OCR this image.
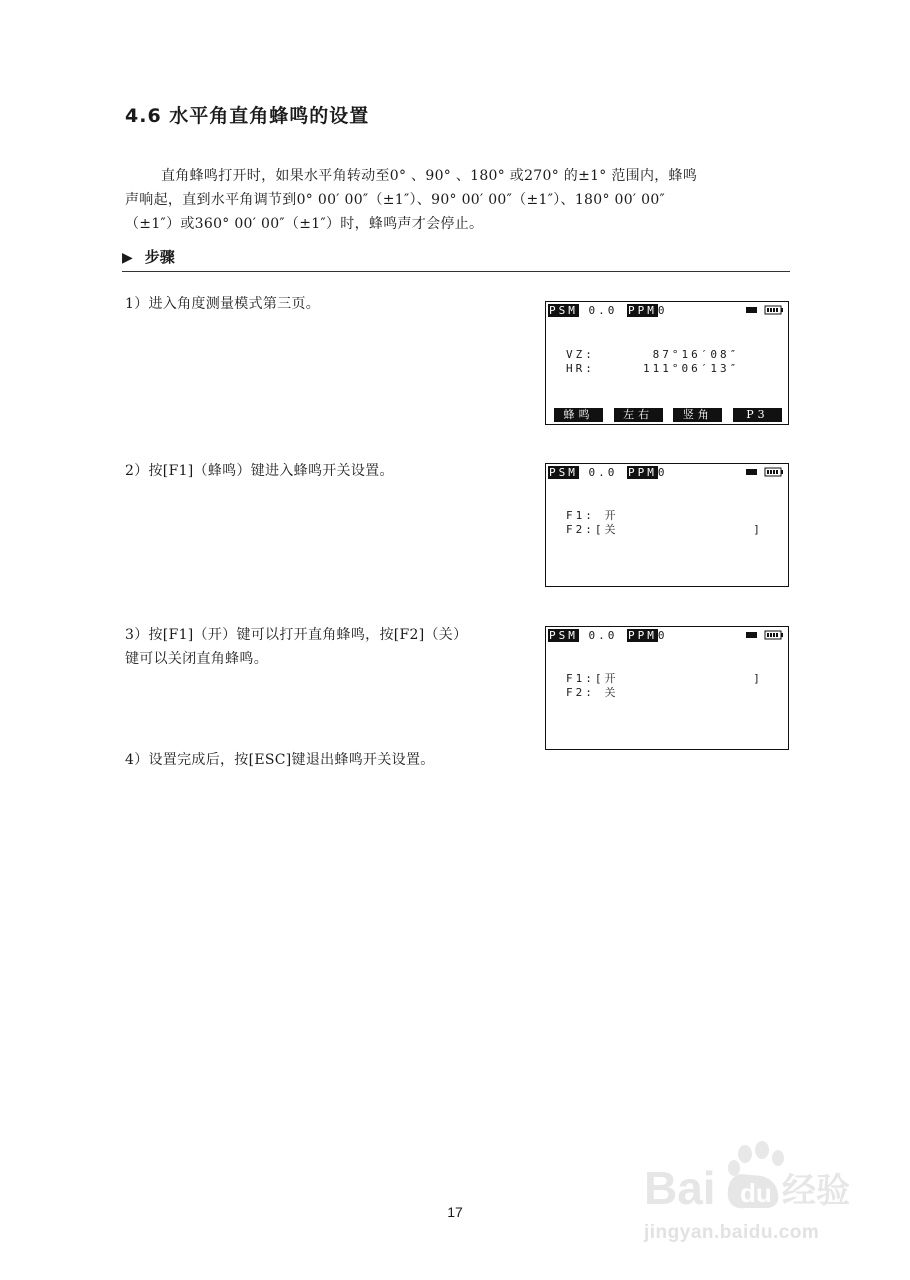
4.6 水平角直角蜂鸣的设置

直角蜂鸣打开时，如果水平角转动至0° 、90° 、180° 或270° 的±1° 范围内，蜂鸣
声响起，直到水平角调节到0° 00′ 00″（±1″）、90° 00′ 00″（±1″）、180° 00′ 00″
（±1″）或360° 00′ 00″（±1″）时，蜂鸣声才会停止。

▶ 步骤

1）进入角度测量模式第三页。

2）按[F1]（蜂鸣）键进入蜂鸣开关设置。

3）按[F1]（开）键可以打开直角蜂鸣，按[F2]（关）
键可以关闭直角蜂鸣。

4）设置完成后，按[ESC]键退出蜂鸣开关设置。

PSM 0.0 PPM0
VZ:      87°16′08″
HR:     111°06′13″
蜂鸣	左右	竖角	P3
PSM 0.0 PPM0
F1: 开
F2:[关              ]
PSM 0.0 PPM0
F1:[开              ]
F2: 关
17	Bai du 经验
jingyan.baidu.com
